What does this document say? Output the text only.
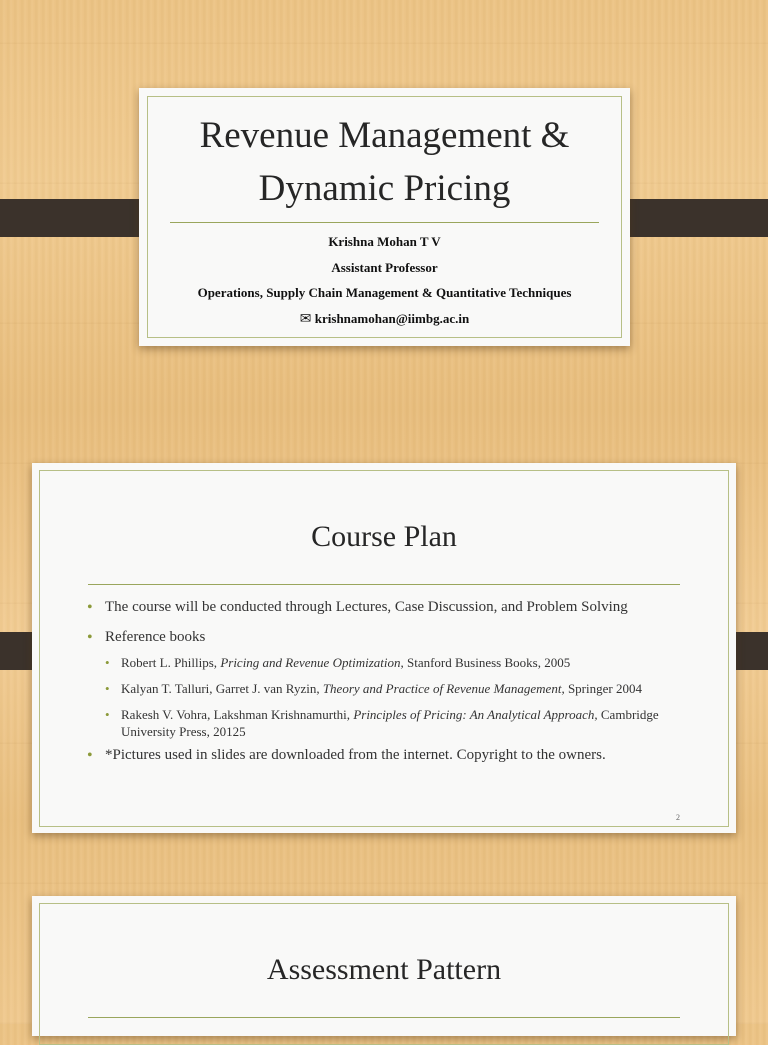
Revenue Management &
Dynamic Pricing
Krishna Mohan T V
Assistant Professor
Operations, Supply Chain Management & Quantitative Techniques
✉ krishnamohan@iimbg.ac.in
Course Plan
• The course will be conducted through Lectures, Case Discussion, and Problem Solving
• Reference books
• Robert L. Phillips, Pricing and Revenue Optimization, Stanford Business Books, 2005
• Kalyan T. Talluri, Garret J. van Ryzin, Theory and Practice of Revenue Management, Springer 2004
• Rakesh V. Vohra, Lakshman Krishnamurthi, Principles of Pricing: An Analytical Approach, Cambridge University Press, 20125
• *Pictures used in slides are downloaded from the internet. Copyright to the owners.
2
Assessment Pattern
